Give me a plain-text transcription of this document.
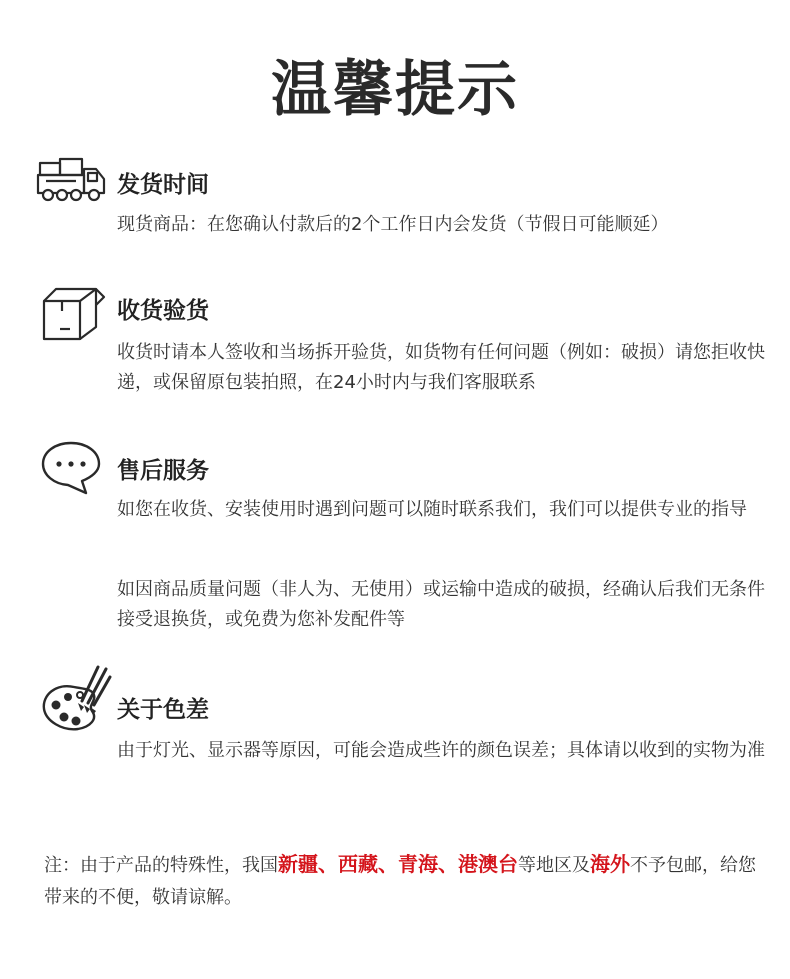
温馨提示
发货时间

现货商品：在您确认付款后的2个工作日内会发货（节假日可能顺延）

收货验货

收货时请本人签收和当场拆开验货，如货物有任何问题（例如：破损）请您拒收快递，或保留原包装拍照，在24小时内与我们客服联系

售后服务

如您在收货、安装使用时遇到问题可以随时联系我们，我们可以提供专业的指导

如因商品质量问题（非人为、无使用）或运输中造成的破损，经确认后我们无条件接受退换货，或免费为您补发配件等

关于色差

由于灯光、显示器等原因，可能会造成些许的颜色误差；具体请以收到的实物为准

注：由于产品的特殊性，我国新疆、西藏、青海、港澳台等地区及海外不予包邮，给您带来的不便，敬请谅解。
